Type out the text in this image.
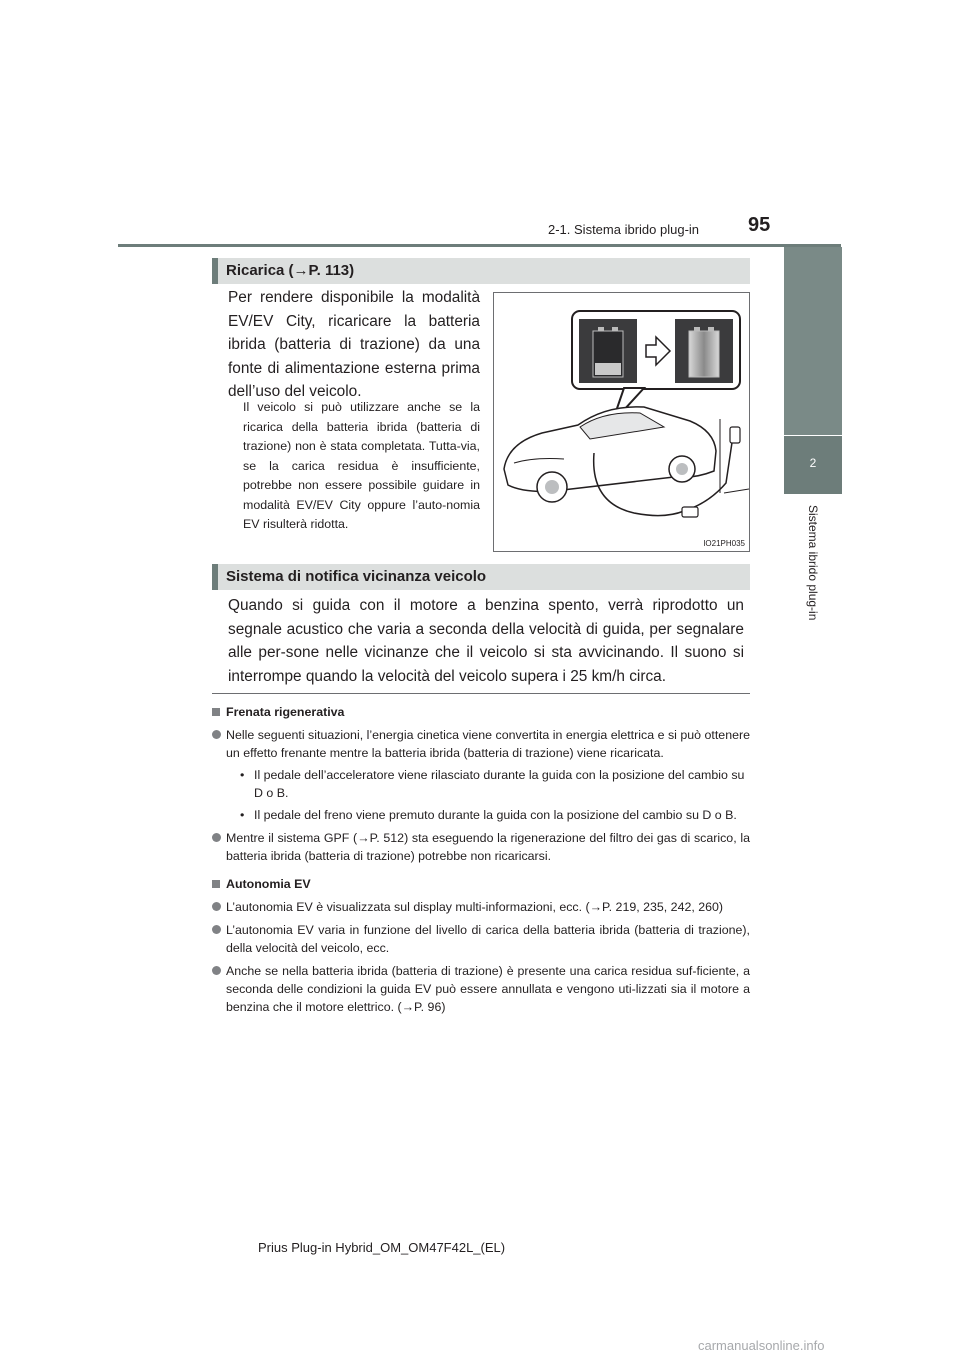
2-1. Sistema ibrido plug-in 95
2
Sistema ibrido plug-in
Ricarica (→P. 113)
Per rendere disponibile la modalità EV/EV City, ricaricare la batteria ibrida (batteria di trazione) da una fonte di alimentazione esterna prima dell’uso del veicolo.
Il veicolo si può utilizzare anche se la ricarica della batteria ibrida (batteria di trazione) non è stata completata. Tutta-via, se la carica residua è insufficiente, potrebbe non essere possibile guidare in modalità EV/EV City oppure l’auto-nomia EV risulterà ridotta.
IO21PH035
Sistema di notifica vicinanza veicolo
Quando si guida con il motore a benzina spento, verrà riprodotto un segnale acustico che varia a seconda della velocità di guida, per segnalare alle per-sone nelle vicinanze che il veicolo si sta avvicinando. Il suono si interrompe quando la velocità del veicolo supera i 25 km/h circa.
Frenata rigenerativa
Nelle seguenti situazioni, l’energia cinetica viene convertita in energia elettrica e si può ottenere un effetto frenante mentre la batteria ibrida (batteria di trazione) viene ricaricata.
• Il pedale dell’acceleratore viene rilasciato durante la guida con la posizione del cambio su D o B.
• Il pedale del freno viene premuto durante la guida con la posizione del cambio su D o B.
Mentre il sistema GPF (→P. 512) sta eseguendo la rigenerazione del filtro dei gas di scarico, la batteria ibrida (batteria di trazione) potrebbe non ricaricarsi.
Autonomia EV
L’autonomia EV è visualizzata sul display multi-informazioni, ecc. (→P. 219, 235, 242, 260)
L’autonomia EV varia in funzione del livello di carica della batteria ibrida (batteria di trazione), della velocità del veicolo, ecc.
Anche se nella batteria ibrida (batteria di trazione) è presente una carica residua suf-ficiente, a seconda delle condizioni la guida EV può essere annullata e vengono uti-lizzati sia il motore a benzina che il motore elettrico. (→P. 96)
Prius Plug-in Hybrid_OM_OM47F42L_(EL)
carmanualsonline.info
